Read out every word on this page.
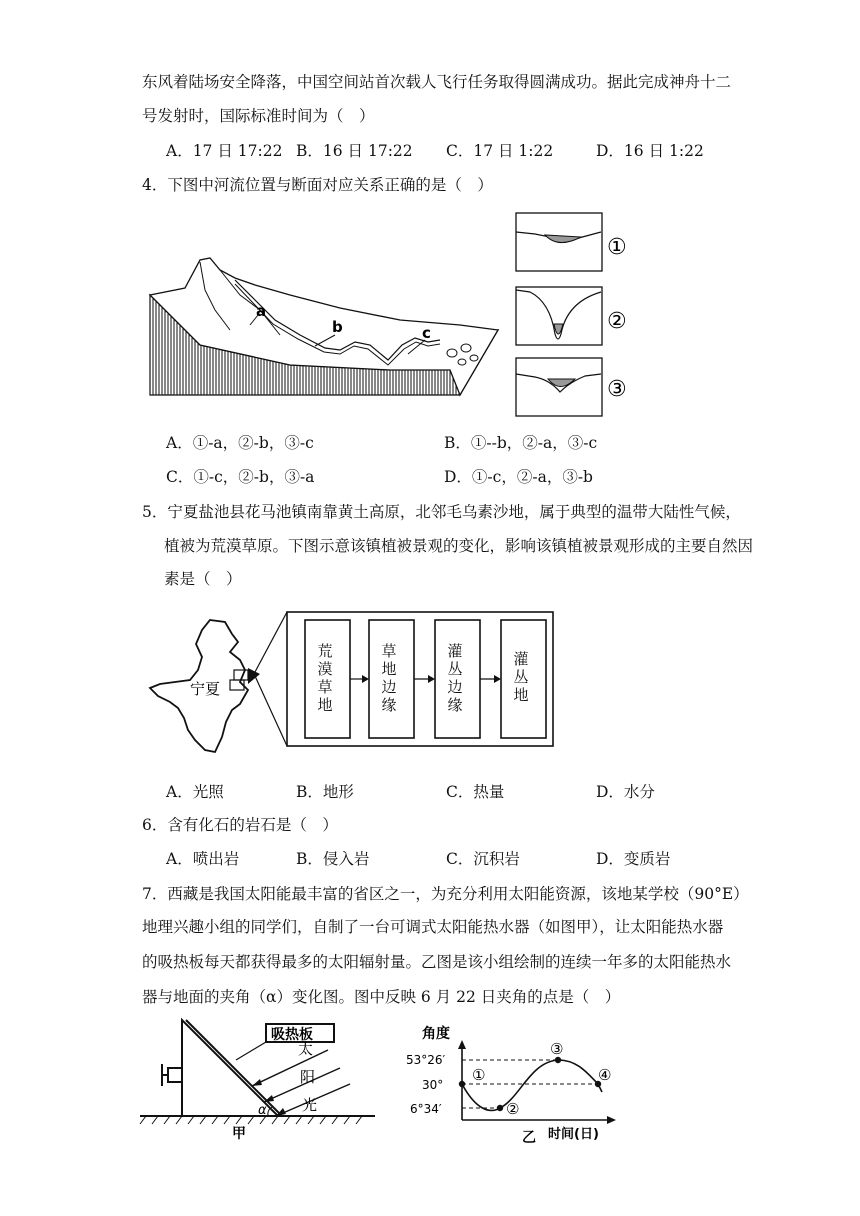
东风着陆场安全降落，中国空间站首次载人飞行任务取得圆满成功。据此完成神舟十二
号发射时，国际标准时间为（　）
A．17 日 17:22 B．16 日 17:22 C．17 日 1:22	D．16 日 1:22
4．下图中河流位置与断面对应关系正确的是（　）
a
b	c
①
②
③
A．①-a，②-b，③-c	B．①--b，②-a，③-c
C．①-c，②-b，③-a	D．①-c，②-a，③-b
5．宁夏盐池县花马池镇南靠黄土高原，北邻毛乌素沙地，属于典型的温带大陆性气候，
植被为荒漠草原。下图示意该镇植被景观的变化，影响该镇植被景观形成的主要自然因
素是（　）
宁夏
荒漠草地
草地边缘
灌丛边缘
灌丛地
A．光照	B．地形	C．热量	D．水分
6．含有化石的岩石是（　）
A．喷出岩	B．侵入岩	C．沉积岩	D．变质岩
7．西藏是我国太阳能最丰富的省区之一，为充分利用太阳能资源，该地某学校（90°E）
地理兴趣小组的同学们，自制了一台可调式太阳能热水器（如图甲），让太阳能热水器
的吸热板每天都获得最多的太阳辐射量。乙图是该小组绘制的连续一年多的太阳能热水
器与地面的夹角（α）变化图。图中反映 6 月 22 日夹角的点是（　）
吸热板
太
阳
光
α
甲
角度
53°26′
30°
6°34′
①
②
③
④
时间(日)
乙
